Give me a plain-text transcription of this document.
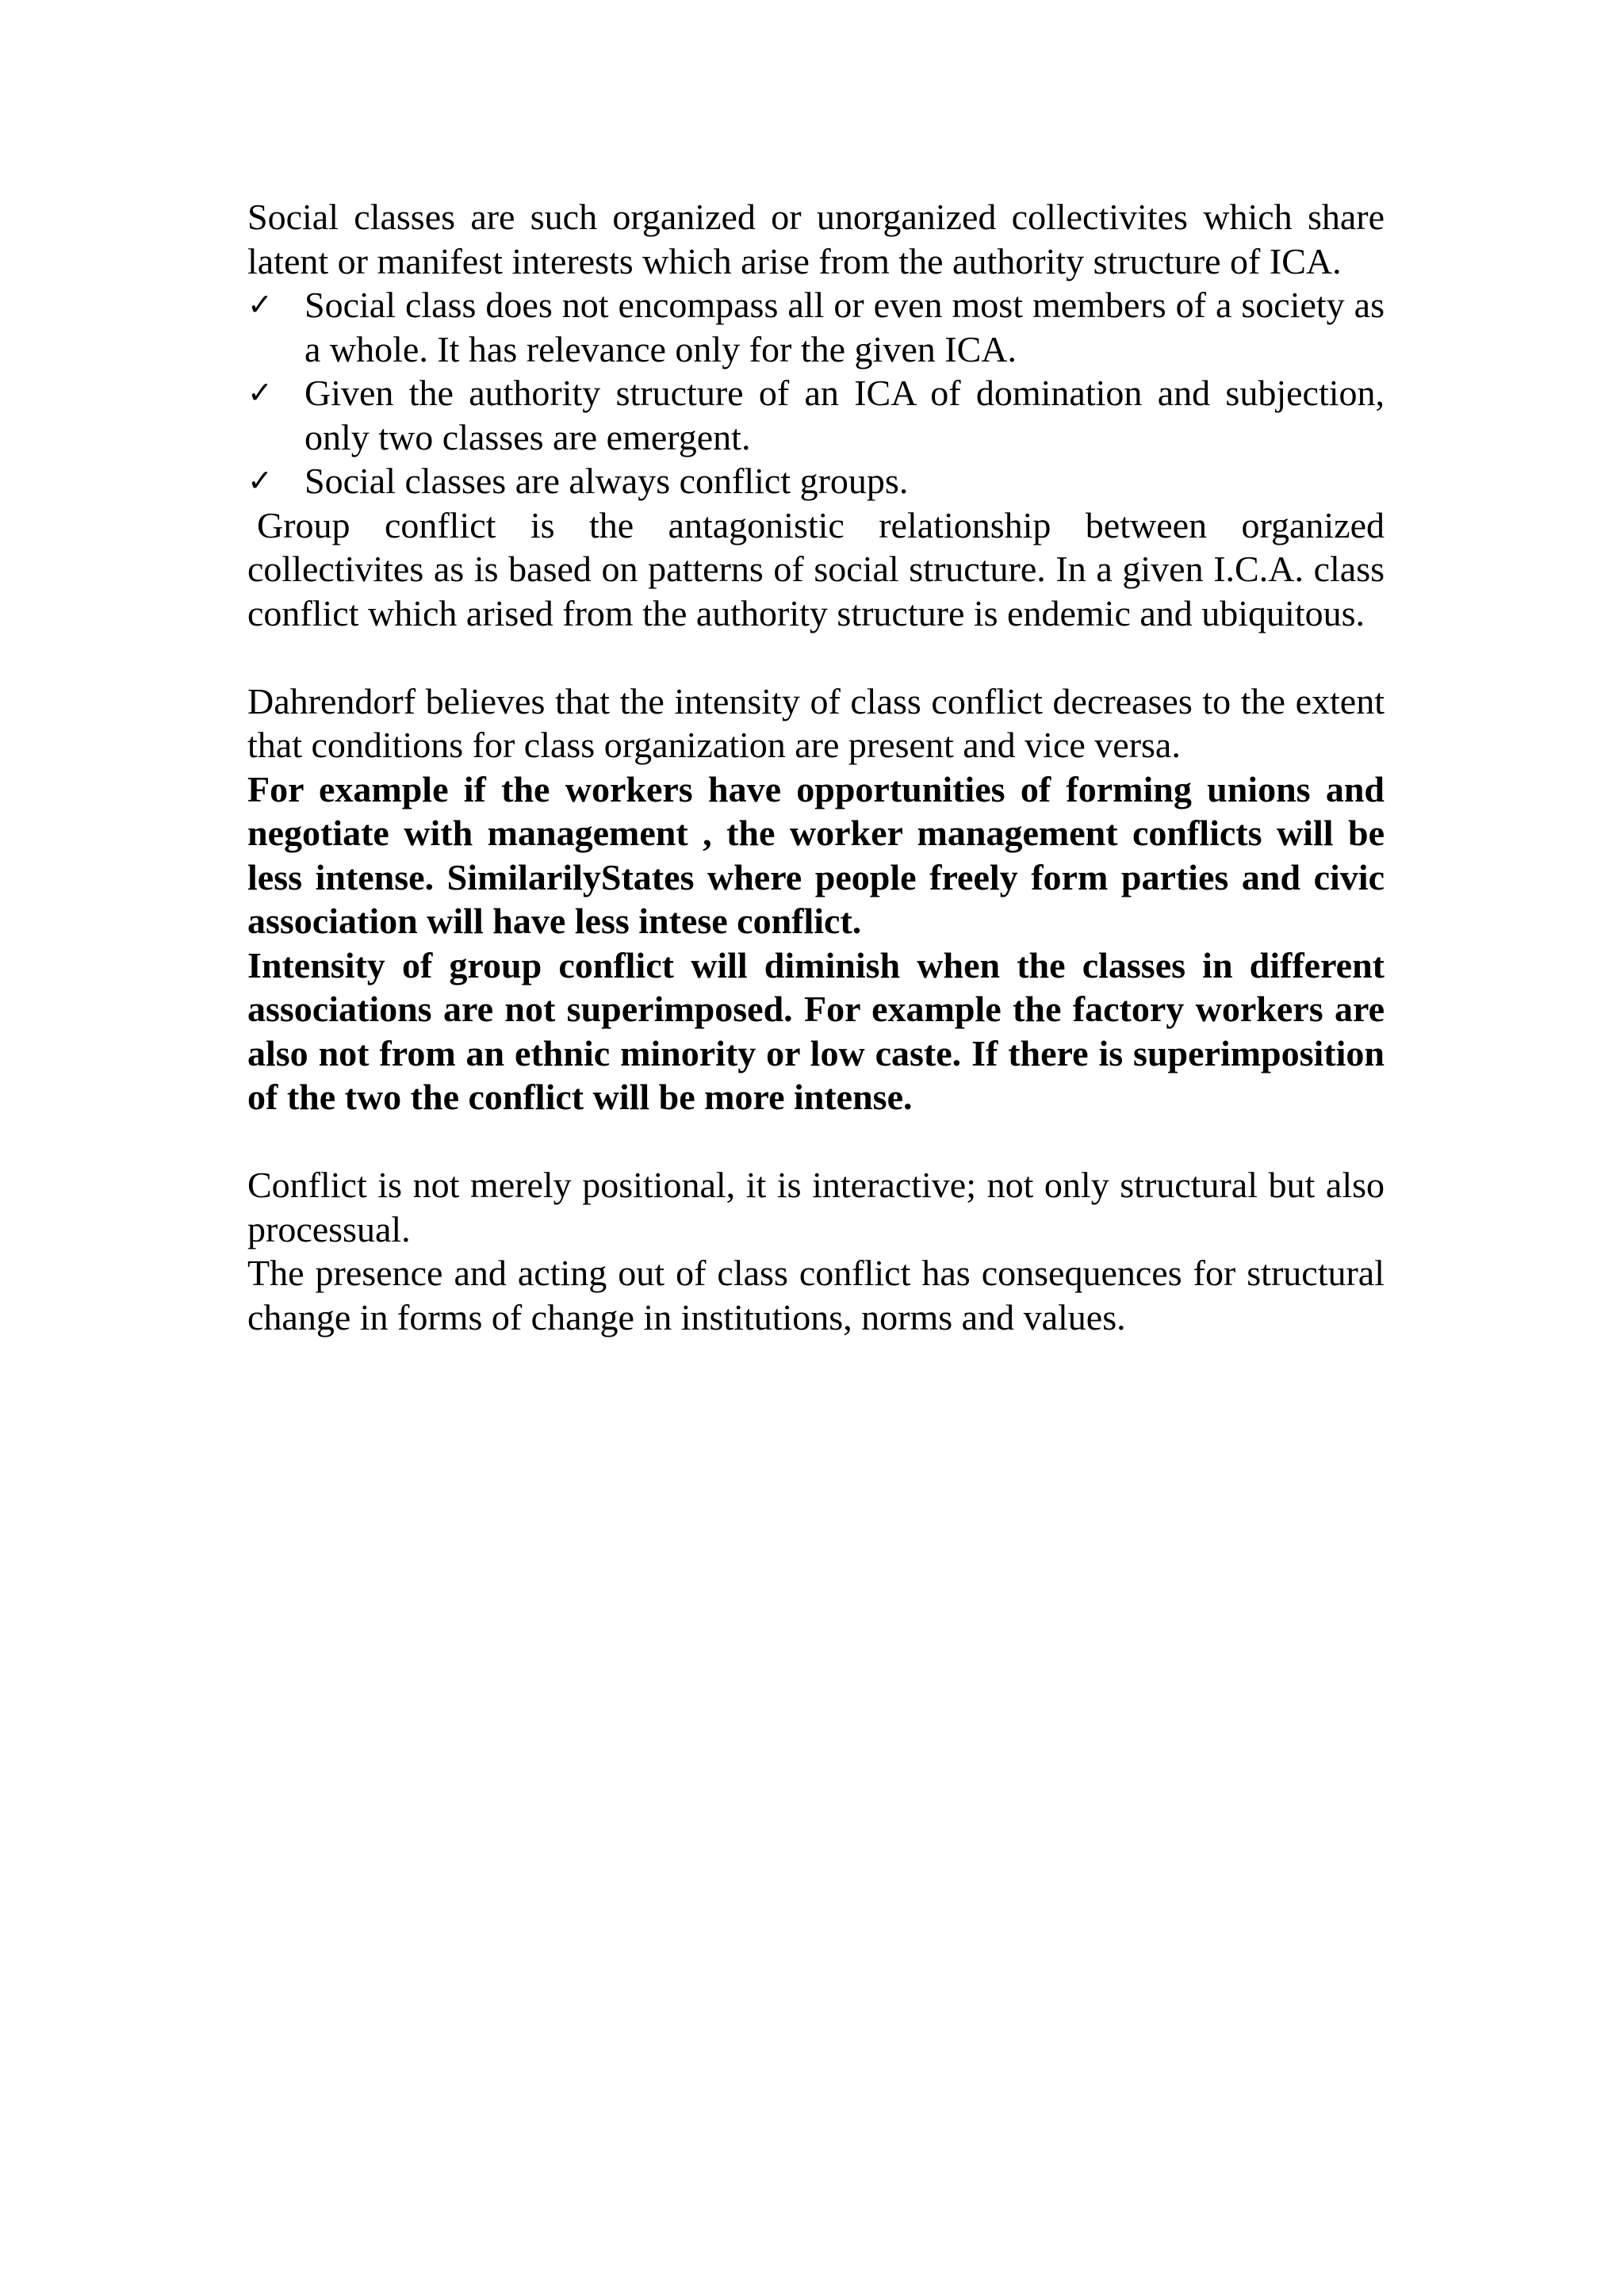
Social classes are such organized or unorganized collectivites which share latent or manifest interests which arise from the authority structure of ICA.

✓ Social class does not encompass all or even most members of a society as a whole. It has relevance only for the given ICA.
✓ Given the authority structure of an ICA of domination and subjection, only two classes are emergent.
✓ Social classes are always conflict groups.

Group conflict is the antagonistic relationship between organized collectivites as is based on patterns of social structure. In a given I.C.A. class conflict which arised from the authority structure is endemic and ubiquitous.

Dahrendorf believes that the intensity of class conflict decreases to the extent that conditions for class organization are present and vice versa.

For example if the workers have opportunities of forming unions and negotiate with management , the worker management conflicts will be less intense. SimilarilyStates where people freely form parties and civic association will have less intese conflict.

Intensity of group conflict will diminish when the classes in different associations are not superimposed. For example the factory workers are also not from an ethnic minority or low caste. If there is superimposition of the two the conflict will be more intense.

Conflict is not merely positional, it is interactive; not only structural but also processual.

The presence and acting out of class conflict has consequences for structural change in forms of change in institutions, norms and values.
